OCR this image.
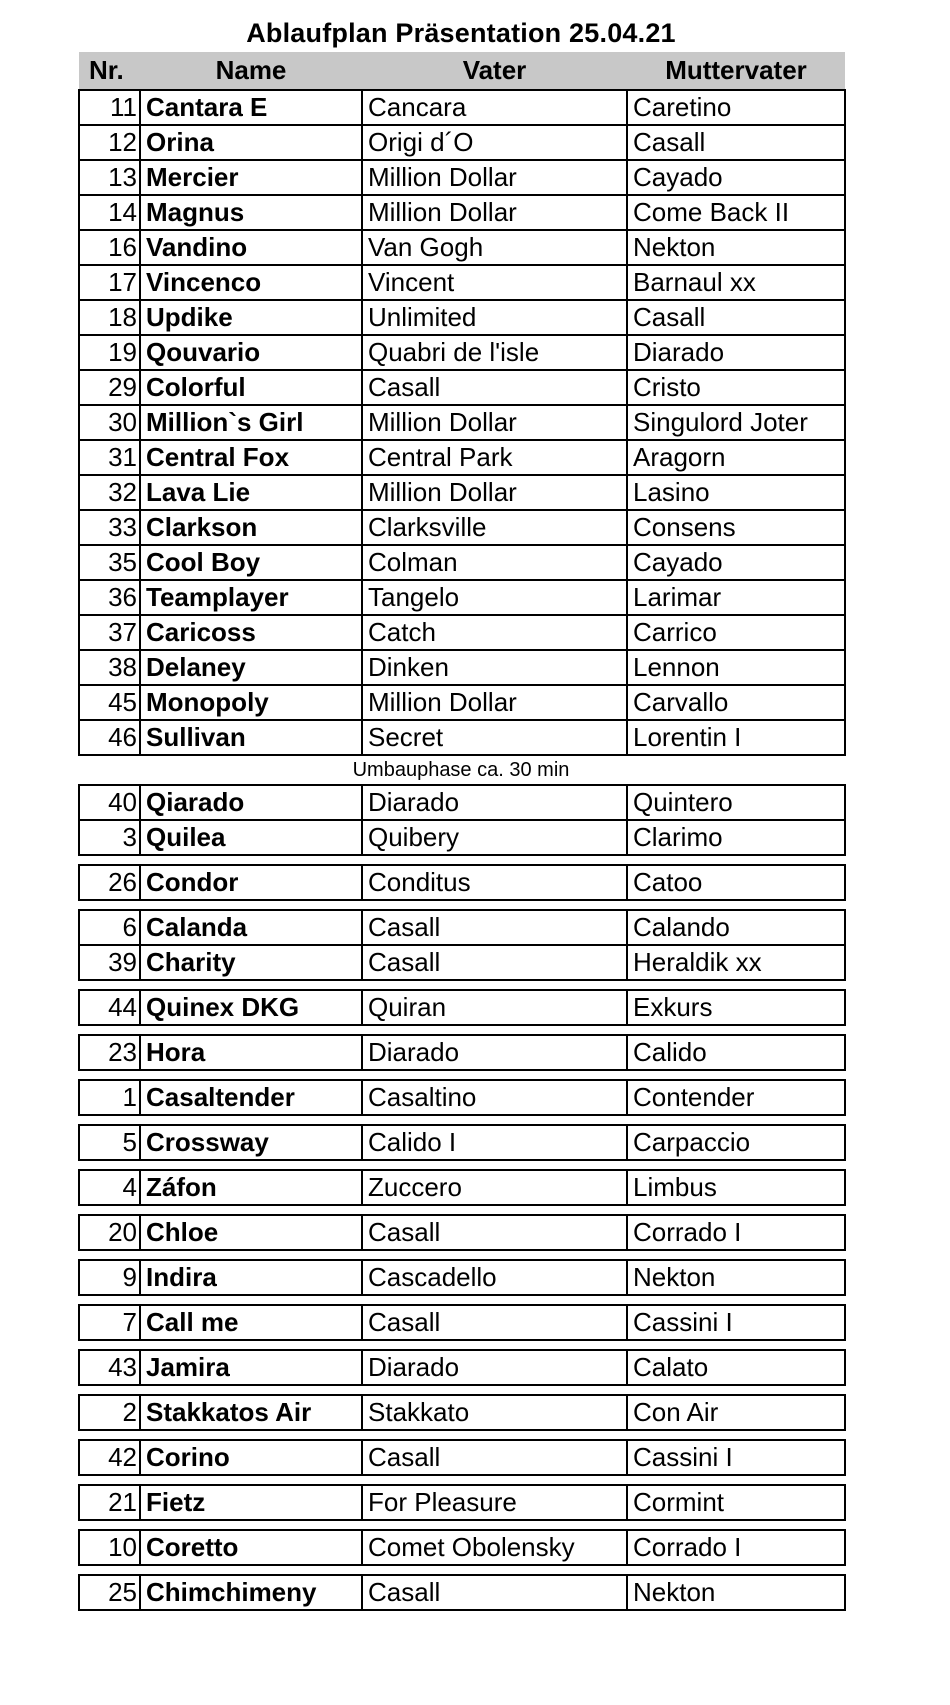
Ablaufplan Präsentation 25.04.21
Nr.	Name	Vater	Muttervater
11	Cantara E	Cancara	Caretino
12	Orina	Origi d´O	Casall
13	Mercier	Million Dollar	Cayado
14	Magnus	Million Dollar	Come Back II
16	Vandino	Van Gogh	Nekton
17	Vincenco	Vincent	Barnaul xx
18	Updike	Unlimited	Casall
19	Qouvario	Quabri de l'isle	Diarado
29	Colorful	Casall	Cristo
30	Million`s Girl	Million Dollar	Singulord Joter
31	Central Fox	Central Park	Aragorn
32	Lava Lie	Million Dollar	Lasino
33	Clarkson	Clarksville	Consens
35	Cool Boy	Colman	Cayado
36	Teamplayer	Tangelo	Larimar
37	Caricoss	Catch	Carrico
38	Delaney	Dinken	Lennon
45	Monopoly	Million Dollar	Carvallo
46	Sullivan	Secret	Lorentin I
Umbauphase ca. 30 min
40	Qiarado	Diarado	Quintero
3	Quilea	Quibery	Clarimo
26	Condor	Conditus	Catoo
6	Calanda	Casall	Calando
39	Charity	Casall	Heraldik xx
44	Quinex DKG	Quiran	Exkurs
23	Hora	Diarado	Calido
1	Casaltender	Casaltino	Contender
5	Crossway	Calido I	Carpaccio
4	Záfon	Zuccero	Limbus
20	Chloe	Casall	Corrado I
9	Indira	Cascadello	Nekton
7	Call me	Casall	Cassini I
43	Jamira	Diarado	Calato
2	Stakkatos Air	Stakkato	Con Air
42	Corino	Casall	Cassini I
21	Fietz	For Pleasure	Cormint
10	Coretto	Comet Obolensky	Corrado I
25	Chimchimeny	Casall	Nekton
